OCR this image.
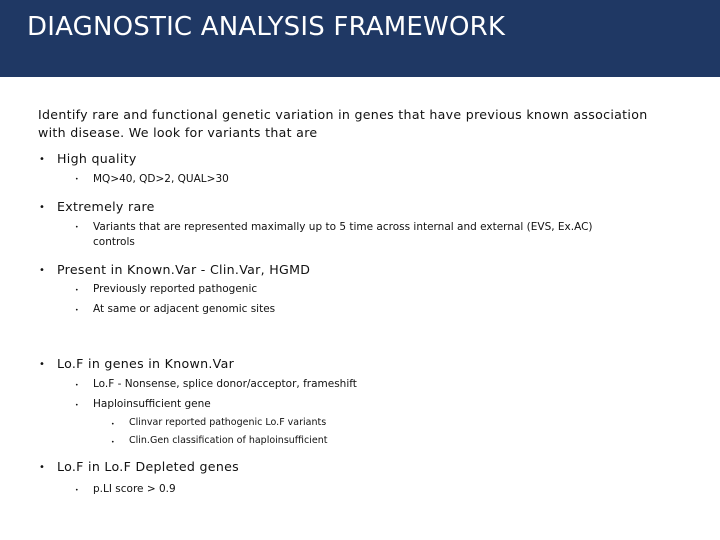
DIAGNOSTIC ANALYSIS FRAMEWORK
Identify rare and functional genetic variation in genes that have previous known association with disease. We look for variants that are
• High quality
• MQ>40, QD>2, QUAL>30
• Extremely rare
• Variants that are represented maximally up to 5 time across internal and external (EVS, Ex.AC)
controls
• Present in Known.Var - Clin.Var, HGMD
• Previously reported pathogenic
• At same or adjacent genomic sites
• Lo.F in genes in Known.Var
• Lo.F - Nonsense, splice donor/acceptor, frameshift
• Haploinsufficient gene
• Clinvar reported pathogenic Lo.F variants
• Clin.Gen classification of haploinsufficient
• Lo.F in Lo.F Depleted genes
• p.LI score > 0.9
